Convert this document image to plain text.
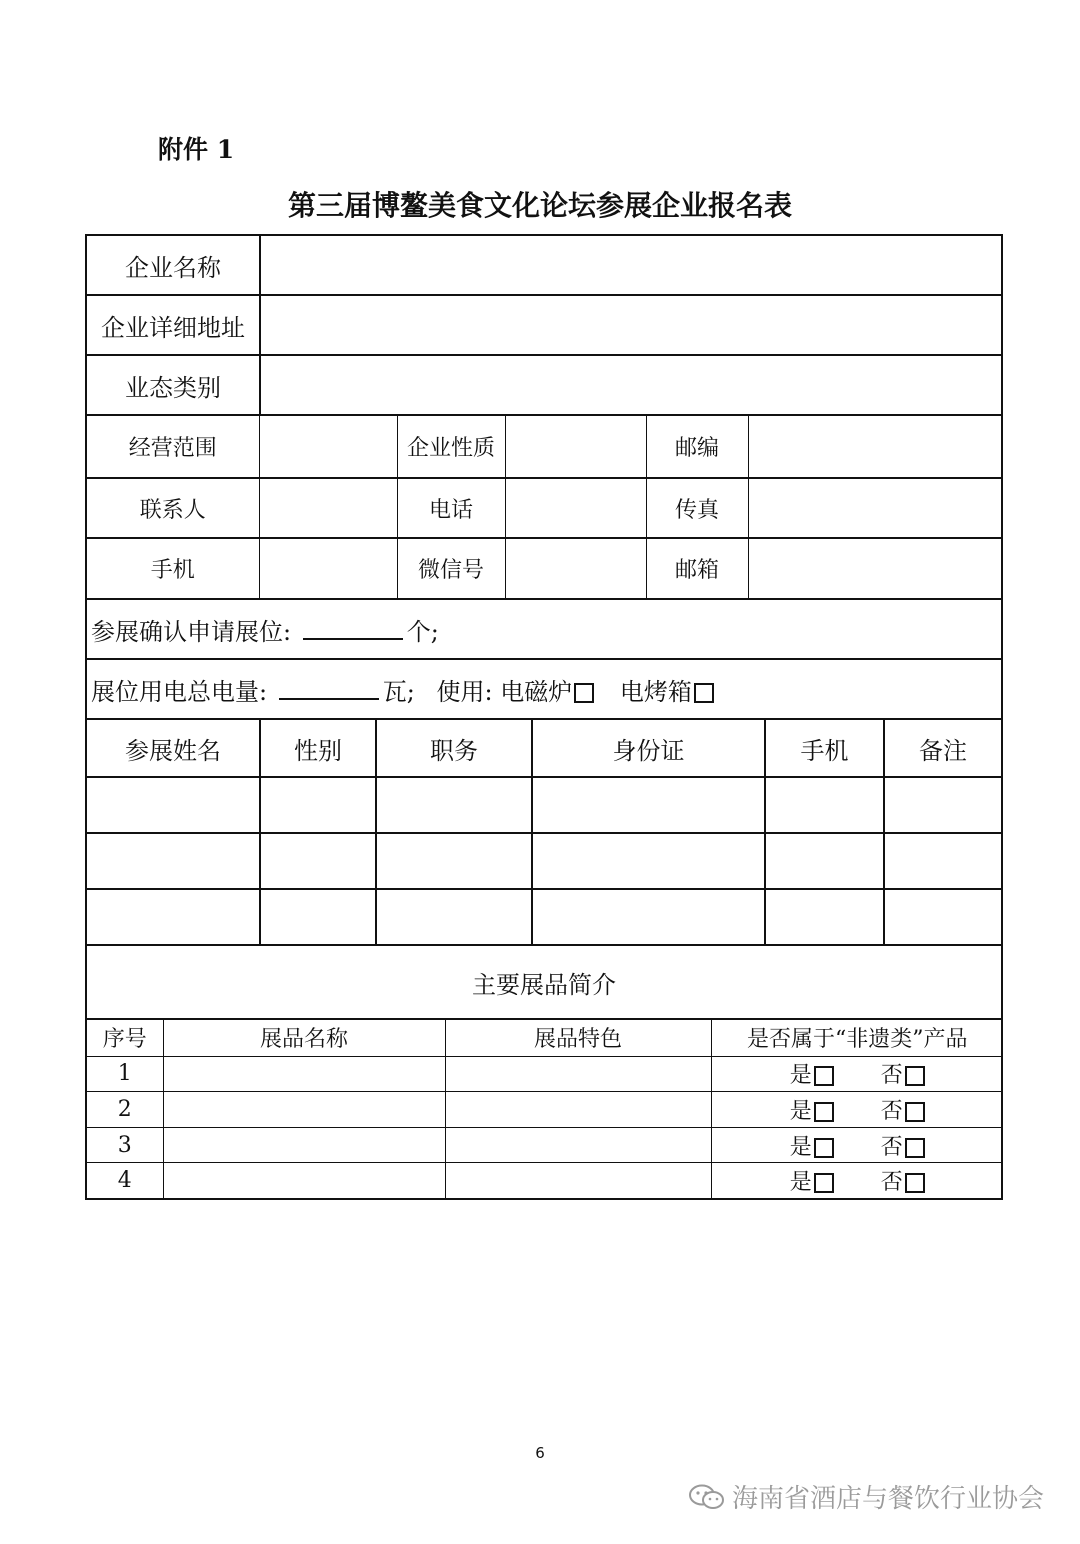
附件 1
第三届博鳌美食文化论坛参展企业报名表
企业名称	
企业详细地址	
业态类别	

经营范围		企业性质		邮编	

联系人		电话		传真	

手机		微信号		邮箱	

参展确认申请展位:	个;
展位用电总电量:	瓦; 使用: 电磁炉 电烤箱
参展姓名	性别	职务	身份证	手机	备注

主要展品简介

序号	展品名称	展品特色	是否属于“非遗类”产品
1			是	否
2			是	否
3			是	否
4			是	否
6
海南省酒店与餐饮行业协会
